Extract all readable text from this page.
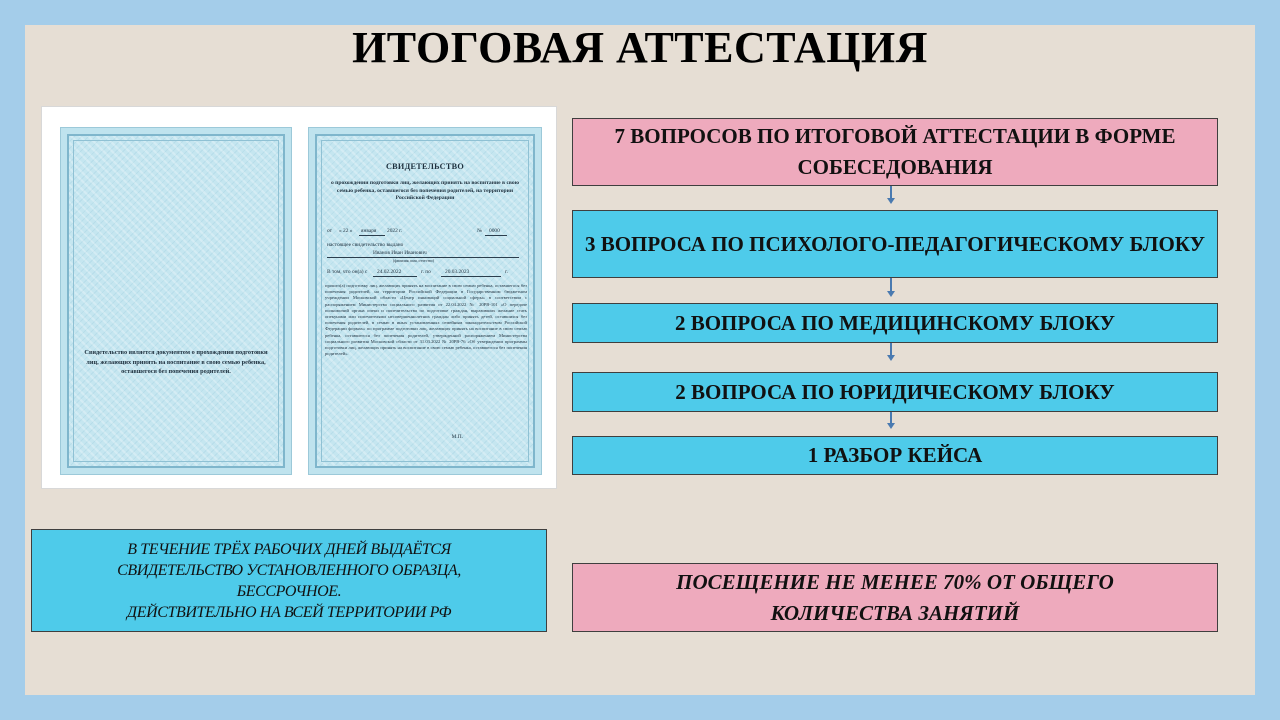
ИТОГОВАЯ АТТЕСТАЦИЯ
Свидетельство является документом о прохождении подготовки лиц, желающих принять на воспитание в свою семью ребенка, оставшегося без попечения родителей.
СВИДЕТЕЛЬСТВО
о прохождении подготовки лиц, желающих принять на воспитание в свою семью ребенка, оставшегося без попечения родителей, на территории Российской Федерации
от « 22 » января 2022 г.	№ 0000
настоящее свидетельство выдано
Иванов Иван Иванович
(фамилия, имя, отчество)
В том, что он(а) с 24.02.2022	г. по	20.03.2023	г.
прошел(а) подготовку лиц, желающих принять на воспитание в свою семью ребенка, оставшегося без попечения родителей, на территории Российской Федерации в Государственном бюджетном учреждении Московской области «Центр инноваций социальной сферы» в соответствии с распоряжением Министерства социального развития от 22.04.2022 № 20РВ-101 «О передаче полномочий органа опеки и попечительства по подготовке граждан, выразивших желание стать опекунами или попечителями несовершеннолетних граждан либо принять детей, оставшихся без попечения родителей, в семью в иных установленных семейным законодательством Российской Федерации формах» по программе подготовки лиц, желающих принять на воспитание в свою семью ребенка, оставшегося без попечения родителей, утвержденной распоряжением Министерства социального развития Московской области от 31.03.2022 № 20РВ-76 «Об утверждении программы подготовки лиц, желающих принять на воспитание в свою семью ребенка, оставшегося без попечения родителей».
М.П.
7 ВОПРОСОВ ПО ИТОГОВОЙ АТТЕСТАЦИИ В ФОРМЕ СОБЕСЕДОВАНИЯ
3 ВОПРОСА ПО ПСИХОЛОГО-ПЕДАГОГИЧЕСКОМУ БЛОКУ
2 ВОПРОСА ПО МЕДИЦИНСКОМУ БЛОКУ
2 ВОПРОСА ПО ЮРИДИЧЕСКОМУ БЛОКУ
1 РАЗБОР КЕЙСА
В ТЕЧЕНИЕ ТРЁХ РАБОЧИХ ДНЕЙ ВЫДАЁТСЯ
СВИДЕТЕЛЬСТВО УСТАНОВЛЕННОГО ОБРАЗЦА,
БЕССРОЧНОЕ.
ДЕЙСТВИТЕЛЬНО НА ВСЕЙ ТЕРРИТОРИИ РФ
ПОСЕЩЕНИЕ НЕ МЕНЕЕ 70% ОТ ОБЩЕГО КОЛИЧЕСТВА ЗАНЯТИЙ
